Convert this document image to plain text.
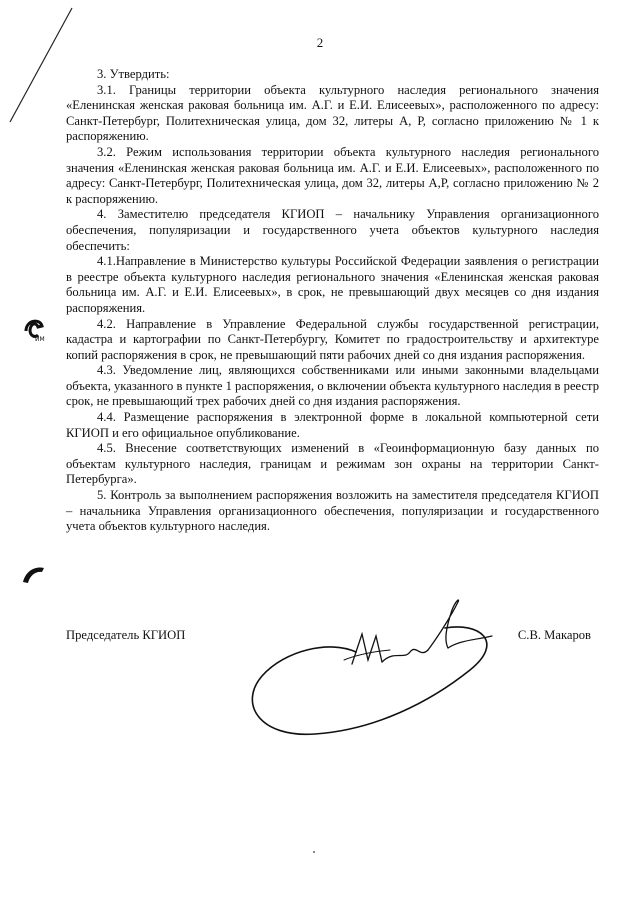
ИМ
2

3. Утвердить:

3.1. Границы территории объекта культурного наследия регионального значения «Еленинская женская раковая больница им. А.Г. и Е.И. Елисеевых», расположенного по адресу: Санкт-Петербург, Политехническая улица, дом 32, литеры А, Р, согласно приложению № 1 к распоряжению.

3.2. Режим использования территории объекта культурного наследия регионального значения «Еленинская женская раковая больница им. А.Г. и Е.И. Елисеевых», расположенного по адресу: Санкт-Петербург, Политехническая улица, дом 32, литеры А,Р, согласно приложению № 2 к распоряжению.

4. Заместителю председателя КГИОП – начальнику Управления организационного обеспечения, популяризации и государственного учета объектов культурного наследия обеспечить:

4.1.Направление в Министерство культуры Российской Федерации заявления о регистрации в реестре объекта культурного наследия регионального значения «Еленинская женская раковая больница им. А.Г. и Е.И. Елисеевых», в срок, не превышающий двух месяцев со дня издания распоряжения.

4.2. Направление в Управление Федеральной службы государственной регистрации, кадастра и картографии по Санкт-Петербургу, Комитет по градостроительству и архитектуре копий распоряжения в срок, не превышающий пяти рабочих дней со дня издания распоряжения.

4.3. Уведомление лиц, являющихся собственниками или иными законными владельцами объекта, указанного в пункте 1 распоряжения, о включении объекта культурного наследия в реестр срок, не превышающий трех рабочих дней со дня издания распоряжения.

4.4. Размещение распоряжения в электронной форме в локальной компьютерной сети КГИОП и его официальное опубликование.

4.5. Внесение соответствующих изменений в «Геоинформационную базу данных по объектам культурного наследия, границам и режимам зон охраны на территории Санкт-Петербурга».

5. Контроль за выполнением распоряжения возложить на заместителя председателя КГИОП – начальника Управления организационного обеспечения, популяризации и государственного учета объектов культурного наследия.

Председатель КГИОП	С.В. Макаров
